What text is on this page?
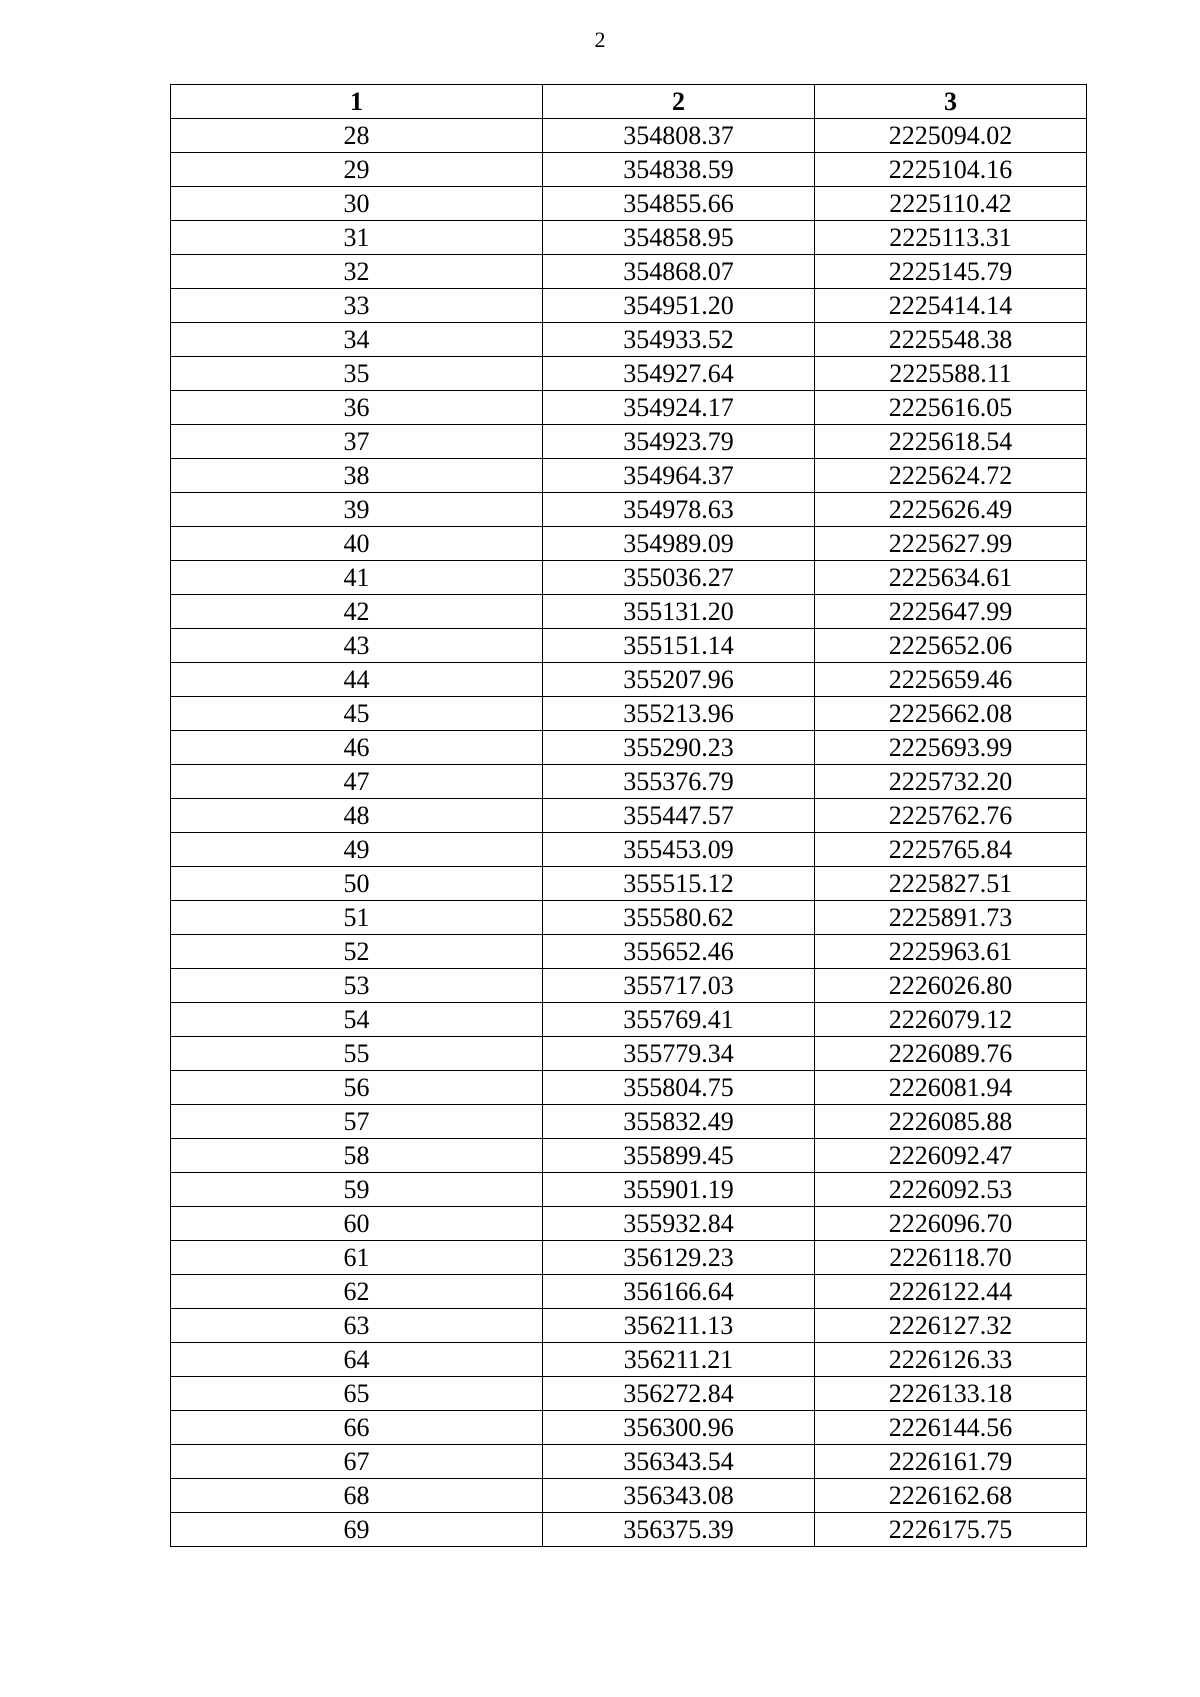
2
1	2	3
28	354808.37	2225094.02
29	354838.59	2225104.16
30	354855.66	2225110.42
31	354858.95	2225113.31
32	354868.07	2225145.79
33	354951.20	2225414.14
34	354933.52	2225548.38
35	354927.64	2225588.11
36	354924.17	2225616.05
37	354923.79	2225618.54
38	354964.37	2225624.72
39	354978.63	2225626.49
40	354989.09	2225627.99
41	355036.27	2225634.61
42	355131.20	2225647.99
43	355151.14	2225652.06
44	355207.96	2225659.46
45	355213.96	2225662.08
46	355290.23	2225693.99
47	355376.79	2225732.20
48	355447.57	2225762.76
49	355453.09	2225765.84
50	355515.12	2225827.51
51	355580.62	2225891.73
52	355652.46	2225963.61
53	355717.03	2226026.80
54	355769.41	2226079.12
55	355779.34	2226089.76
56	355804.75	2226081.94
57	355832.49	2226085.88
58	355899.45	2226092.47
59	355901.19	2226092.53
60	355932.84	2226096.70
61	356129.23	2226118.70
62	356166.64	2226122.44
63	356211.13	2226127.32
64	356211.21	2226126.33
65	356272.84	2226133.18
66	356300.96	2226144.56
67	356343.54	2226161.79
68	356343.08	2226162.68
69	356375.39	2226175.75
